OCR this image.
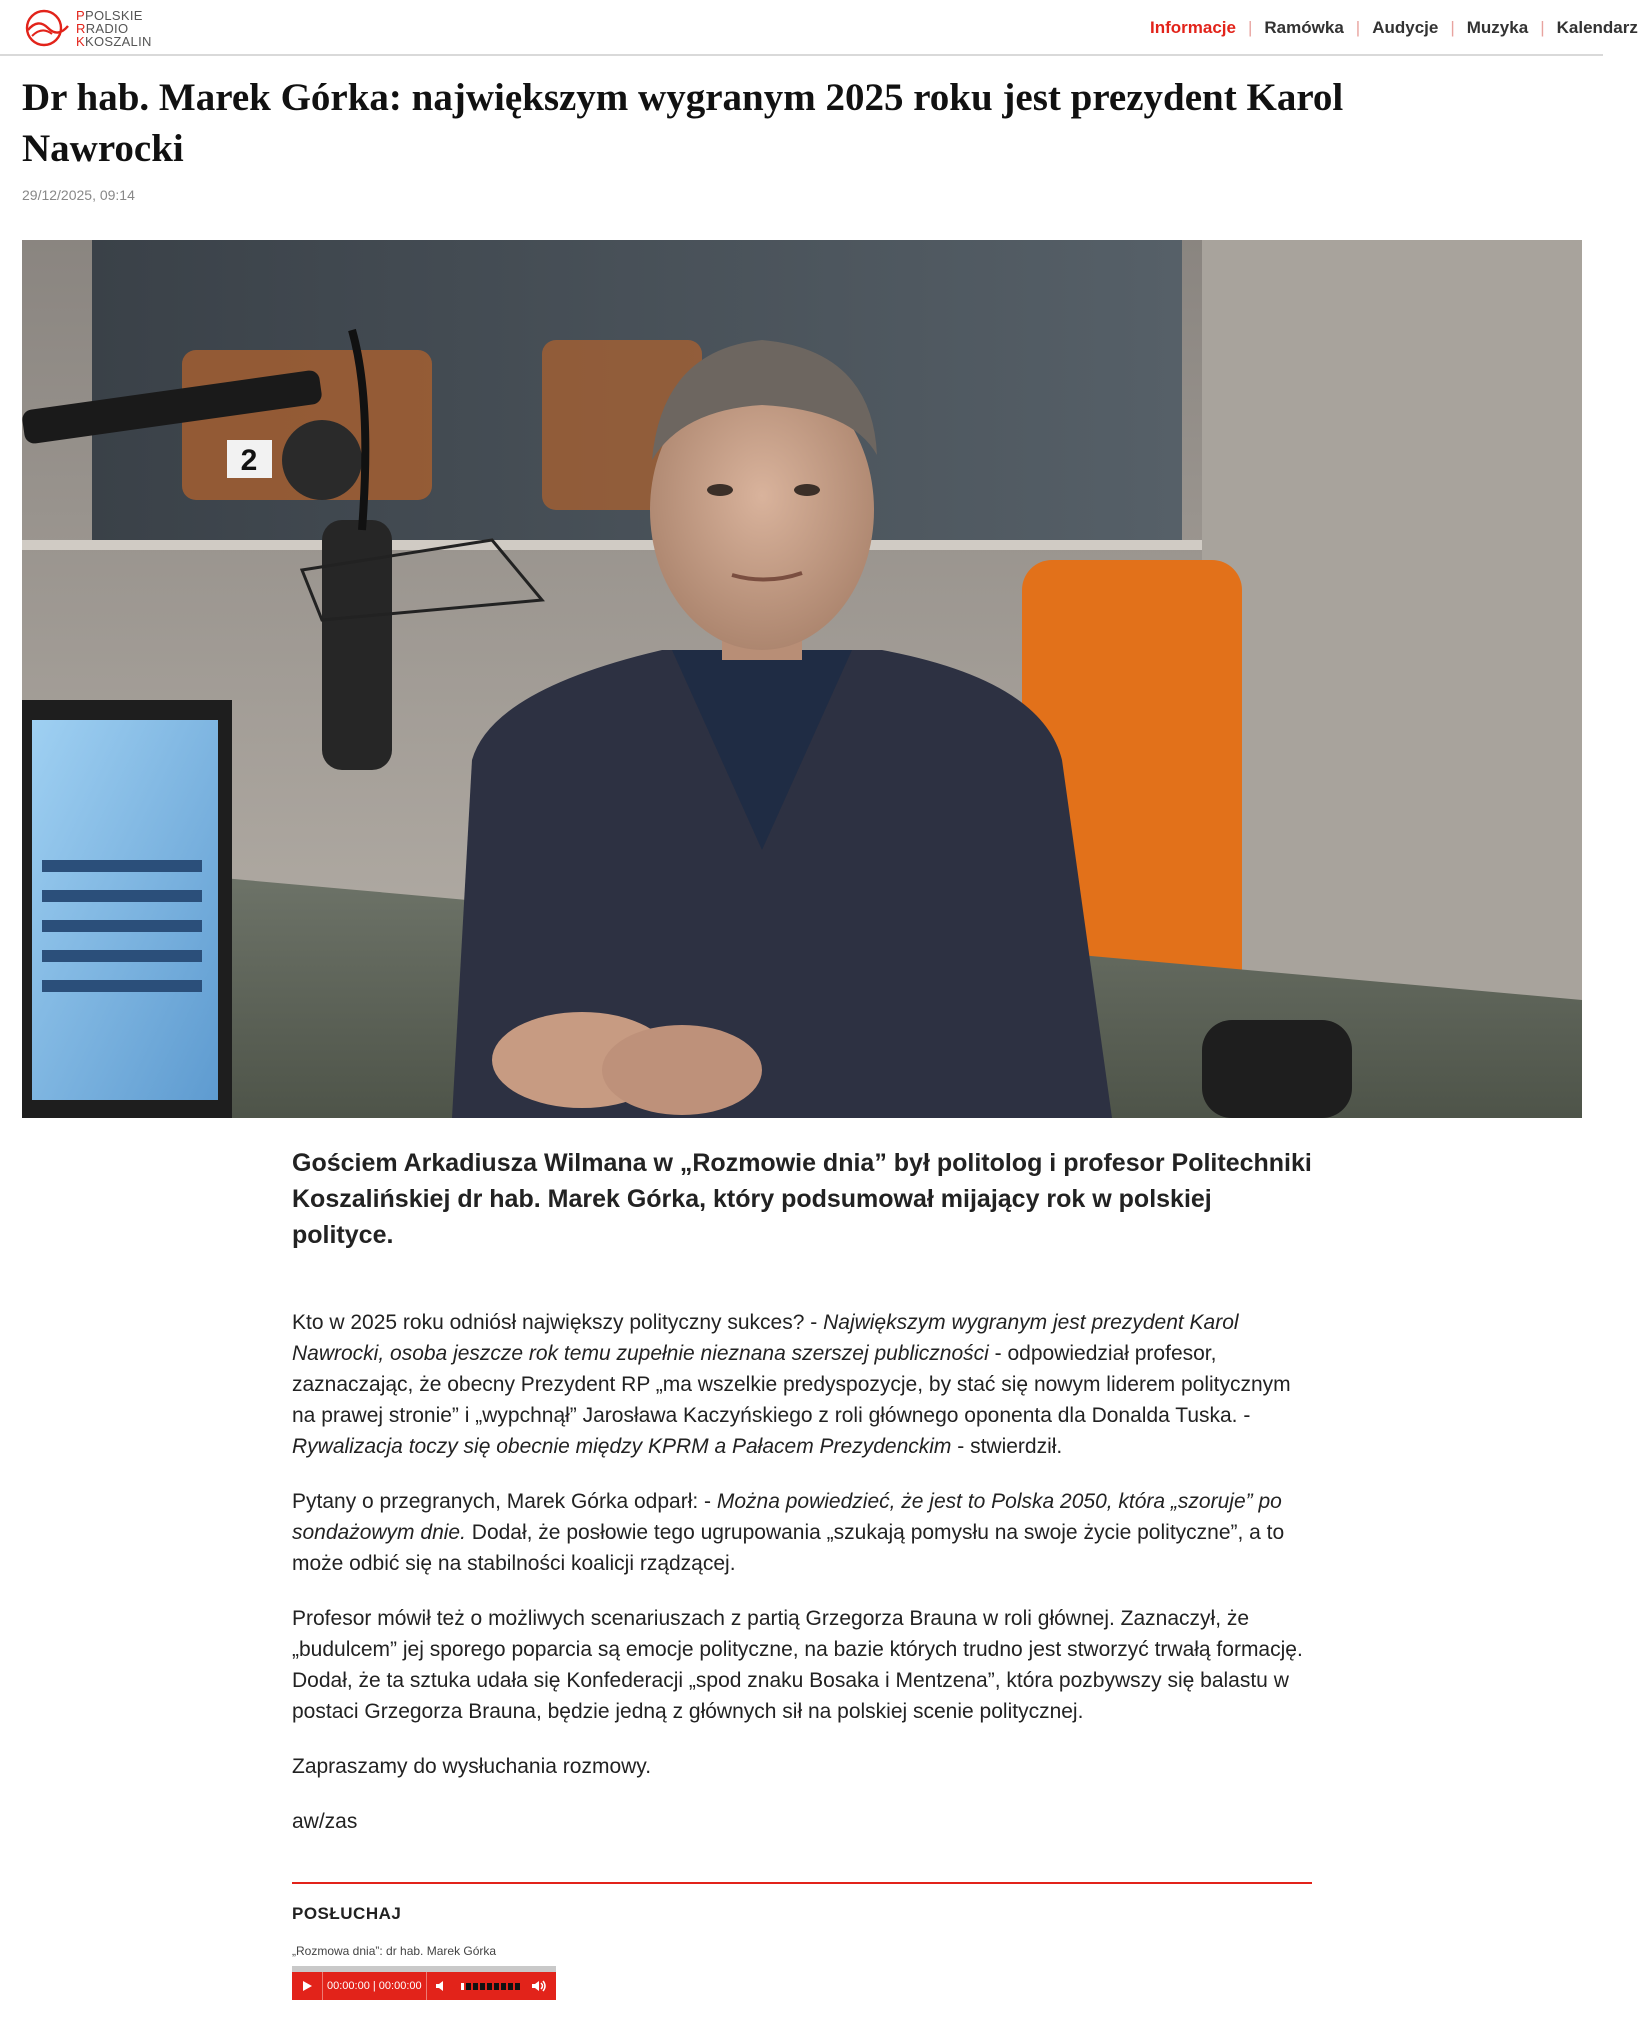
PPOLSKIE
RRADIO
KKOSZALIN
Informacje | Ramówka | Audycje | Muzyka | Kalendarz
Dr hab. Marek Górka: największym wygranym 2025 roku jest prezydent Karol Nawrocki
29/12/2025, 09:14
2

Gościem Arkadiusza Wilmana w „Rozmowie dnia” był politolog i profesor Politechniki Koszalińskiej dr hab. Marek Górka, który podsumował mijający rok w polskiej polityce.

Kto w 2025 roku odniósł największy polityczny sukces? - Największym wygranym jest prezydent Karol Nawrocki, osoba jeszcze rok temu zupełnie nieznana szerszej publiczności - odpowiedział profesor, zaznaczając, że obecny Prezydent RP „ma wszelkie predyspozycje, by stać się nowym liderem politycznym na prawej stronie” i „wypchnął” Jarosława Kaczyńskiego z roli głównego oponenta dla Donalda Tuska. - Rywalizacja toczy się obecnie między KPRM a Pałacem Prezydenckim - stwierdził.

Pytany o przegranych, Marek Górka odparł: - Można powiedzieć, że jest to Polska 2050, która „szoruje” po sondażowym dnie. Dodał, że posłowie tego ugrupowania „szukają pomysłu na swoje życie polityczne”, a to może odbić się na stabilności koalicji rządzącej.

Profesor mówił też o możliwych scenariuszach z partią Grzegorza Brauna w roli głównej. Zaznaczył, że „budulcem” jej sporego poparcia są emocje polityczne, na bazie których trudno jest stworzyć trwałą formację. Dodał, że ta sztuka udała się Konfederacji „spod znaku Bosaka i Mentzena”, która pozbywszy się balastu w postaci Grzegorza Brauna, będzie jedną z głównych sił na polskiej scenie politycznej.

Zapraszamy do wysłuchania rozmowy.

aw/zas

POSŁUCHAJ
„Rozmowa dnia”: dr hab. Marek Górka
00:00:00 | 00:00:00
